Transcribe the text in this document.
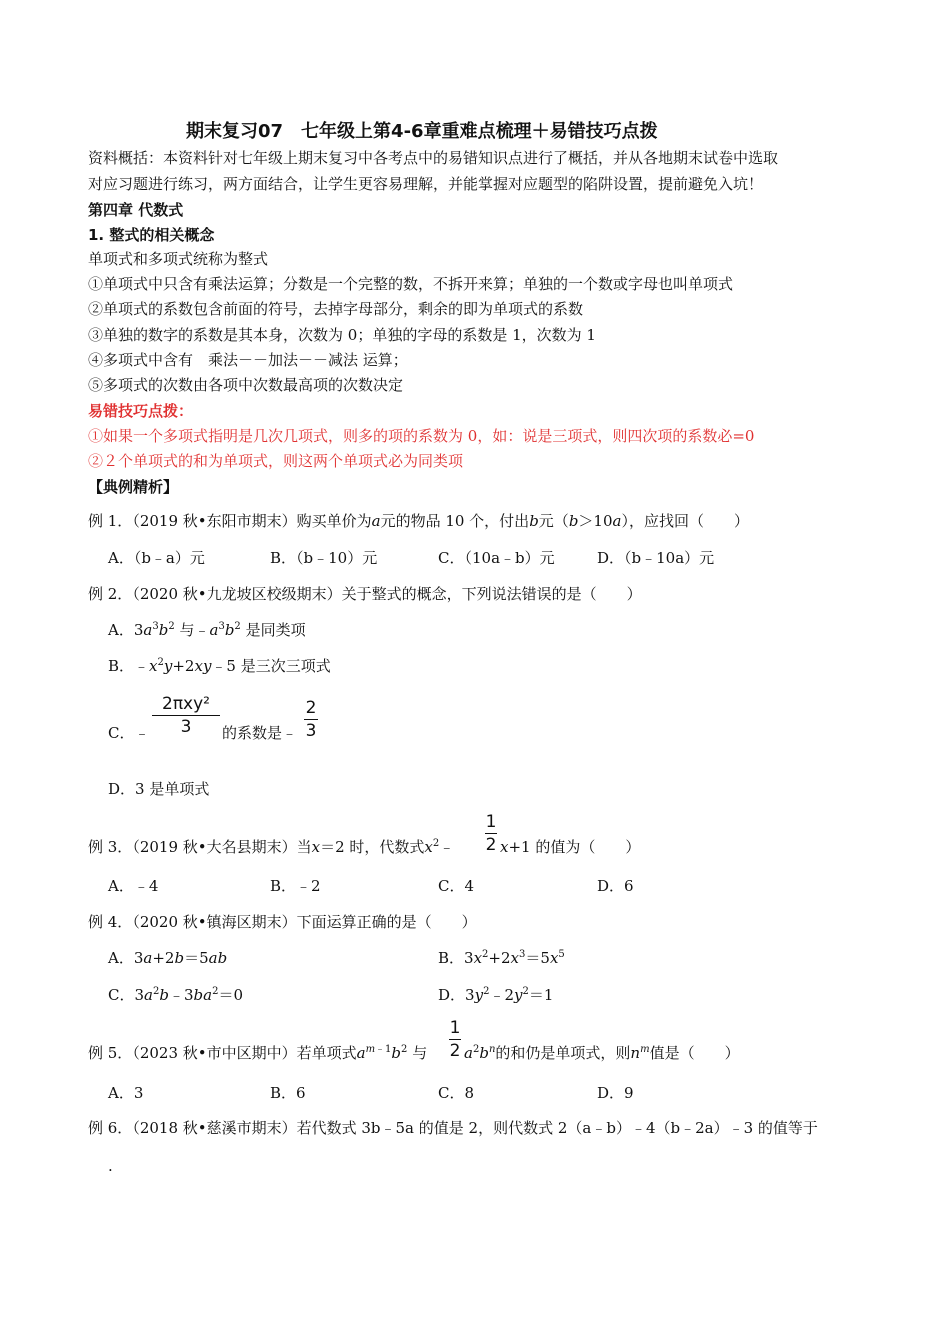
期末复习07　七年级上第4-6章重难点梳理＋易错技巧点拨
资料概括：本资料针对七年级上期末复习中各考点中的易错知识点进行了概括，并从各地期末试卷中选取
对应习题进行练习，两方面结合，让学生更容易理解，并能掌握对应题型的陷阱设置，提前避免入坑！
第四章 代数式
1. 整式的相关概念
单项式和多项式统称为整式
①单项式中只含有乘法运算；分数是一个完整的数，不拆开来算；单独的一个数或字母也叫单项式
②单项式的系数包含前面的符号，去掉字母部分，剩余的即为单项式的系数
③单独的数字的系数是其本身，次数为 0；单独的字母的系数是 1，次数为 1
④多项式中含有　乘法－－加法－－减法 运算；
⑤多项式的次数由各项中次数最高项的次数决定
易错技巧点拨：
①如果一个多项式指明是几次几项式，则多的项的系数为 0，如：说是三项式，则四次项的系数必=0
②２个单项式的和为单项式，则这两个单项式必为同类项
【典例精析】
例 1．（2019 秋•东阳市期末）购买单价为a元的物品 10 个，付出b元（b＞10a），应找回（　　）
A．（b﹣a）元	B．（b﹣10）元	C．（10a﹣b）元	D．（b﹣10a）元
例 2．（2020 秋•九龙坡区校级期末）关于整式的概念，下列说法错误的是（　　）
A．$3a^3b^2$ 与$﹣a^3b^2$ 是同类项
B．$﹣x^2y+2xy﹣5$ 是三次三项式
C．﹣
2πxy²
3	的系数是﹣
2
3
D．3 是单项式
例 3．（2019 秋•大名县期末）当x＝2 时，代数式$x^2﹣$
1
2 x+1 的值为（　　）
A．﹣4	B．﹣2	C．4	D．6
例 4．（2020 秋•镇海区期末）下面运算正确的是（　　）
A．3a+2b＝5ab	B．$3x^2+2x^3=5x^5$
C．$3a^2b﹣3ba^2=0$	D．$3y^2﹣2y^2=1$
例 5．（2023 秋•市中区期中）若单项式$a^{m﹣1}b^2$ 与
1
2 $a^2b^n$的和仍是单项式，则$n^m$值是（　　）
A．3	B．6	C．8	D．9
例 6．（2018 秋•慈溪市期末）若代数式 3b﹣5a 的值是 2，则代数式 2（a﹣b）﹣4（b﹣2a）﹣3 的值等于
.
